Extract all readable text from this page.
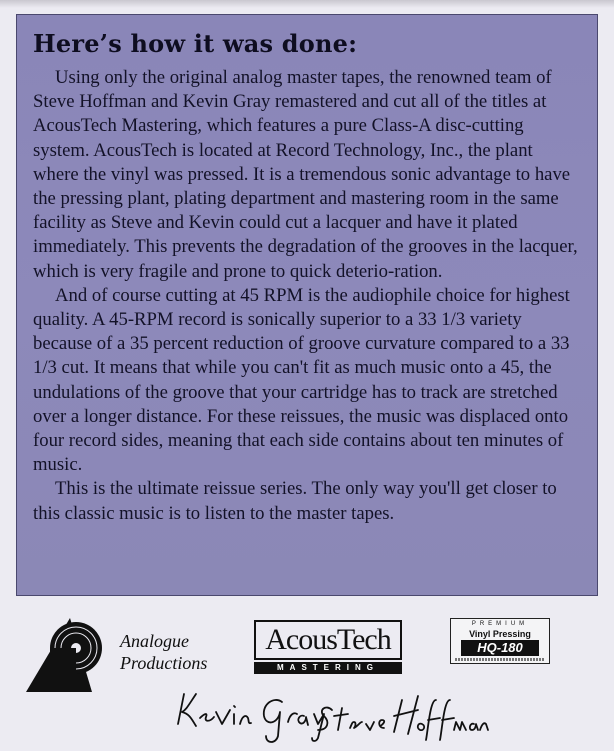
Here’s how it was done:

Using only the original analog master tapes, the renowned team of Steve Hoffman and Kevin Gray remastered and cut all of the titles at AcousTech Mastering, which features a pure Class-A disc-cutting system. AcousTech is located at Record Technology, Inc., the plant where the vinyl was pressed. It is a tremendous sonic advantage to have the pressing plant, plating department and mastering room in the same facility as Steve and Kevin could cut a lacquer and have it plated immediately. This prevents the degradation of the grooves in the lacquer, which is very fragile and prone to quick deterio-ration.

And of course cutting at 45 RPM is the audiophile choice for highest quality. A 45-RPM record is sonically superior to a 33 1/3 variety because of a 35 percent reduction of groove curvature compared to a 33 1/3 cut. It means that while you can't fit as much music onto a 45, the undulations of the groove that your cartridge has to track are stretched over a longer distance. For these reissues, the music was displaced onto four record sides, meaning that each side contains about ten minutes of music.

This is the ultimate reissue series. The only way you'll get closer to this classic music is to listen to the master tapes.

Analogue Productions
AcousTech
MASTERING
PREMIUM
Vinyl Pressing
HQ-180
